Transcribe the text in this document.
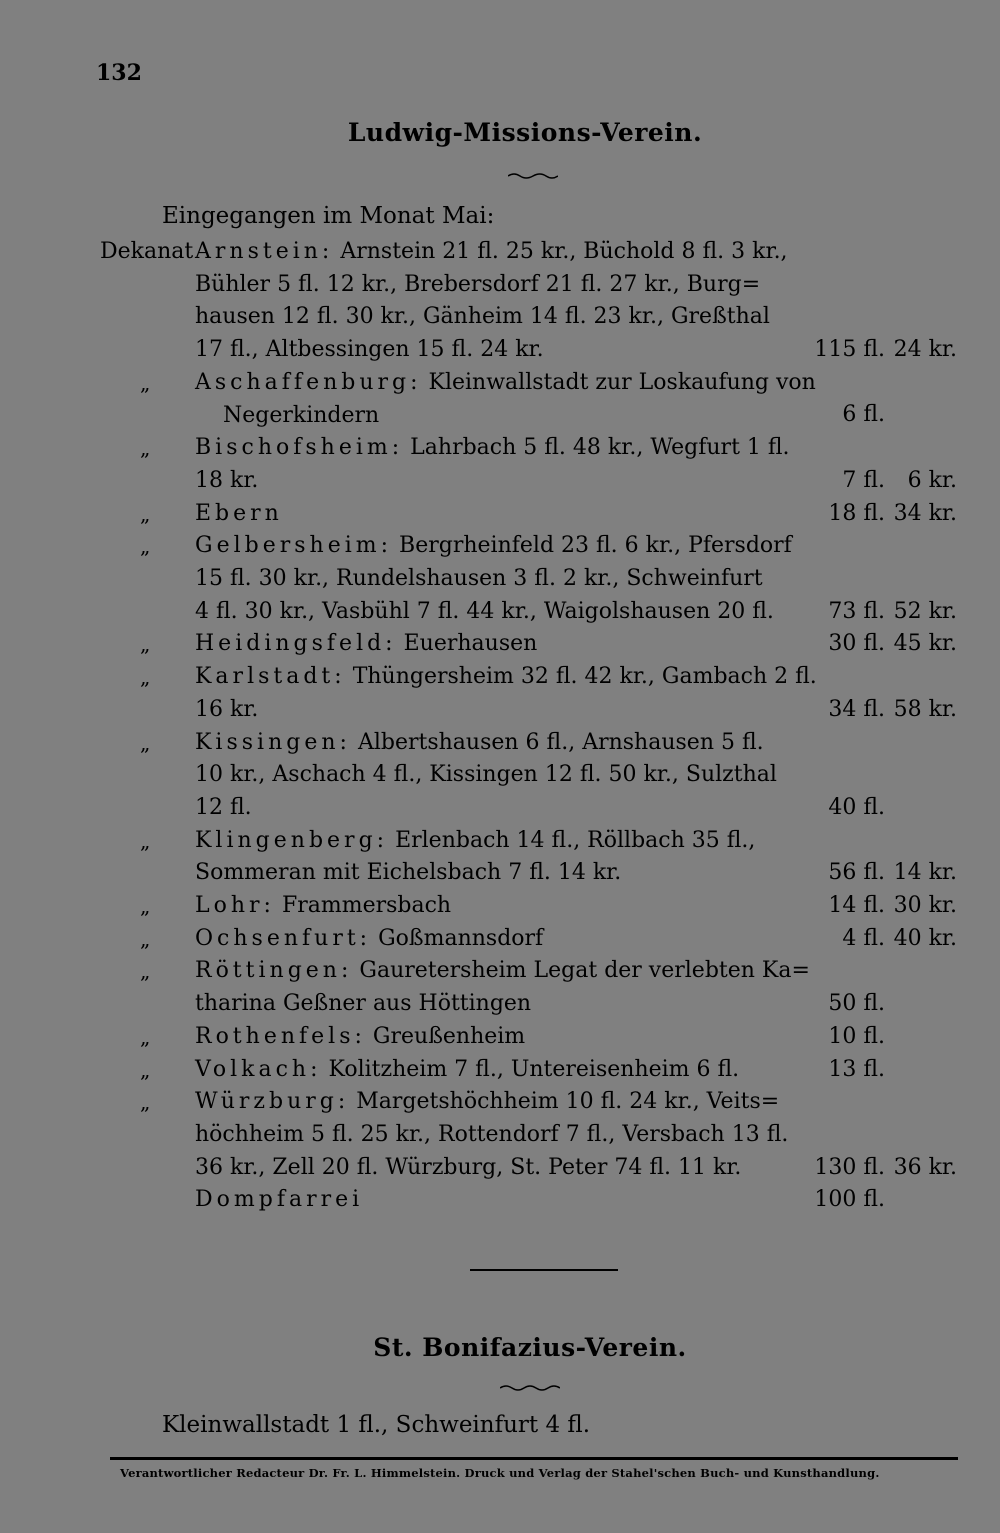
132
Ludwig-Missions-Verein.
Eingegangen im Monat Mai:
Dekanat Arnstein: Arnstein 21 fl. 25 kr., Büchold 8 fl. 3 kr.,
Bühler 5 fl. 12 kr., Brebersdorf 21 fl. 27 kr., Burg=
hausen 12 fl. 30 kr., Gänheim 14 fl. 23 kr., Greßthal
17 fl., Altbessingen 15 fl. 24 kr.	115 fl. 24 kr.
„ Aschaffenburg: Kleinwallstadt zur Loskaufung von
Negerkindern	6 fl.
„ Bischofsheim: Lahrbach 5 fl. 48 kr., Wegfurt 1 fl.
18 kr.	7 fl. 6 kr.
„ Ebern	18 fl. 34 kr.
„ Gelbersheim: Bergrheinfeld 23 fl. 6 kr., Pfersdorf
15 fl. 30 kr., Rundelshausen 3 fl. 2 kr., Schweinfurt
4 fl. 30 kr., Vasbühl 7 fl. 44 kr., Waigolshausen 20 fl.	73 fl. 52 kr.
„ Heidingsfeld: Euerhausen	30 fl. 45 kr.
„ Karlstadt: Thüngersheim 32 fl. 42 kr., Gambach 2 fl.
16 kr.	34 fl. 58 kr.
„ Kissingen: Albertshausen 6 fl., Arnshausen 5 fl.
10 kr., Aschach 4 fl., Kissingen 12 fl. 50 kr., Sulzthal
12 fl.	40 fl.
„ Klingenberg: Erlenbach 14 fl., Röllbach 35 fl.,
Sommeran mit Eichelsbach 7 fl. 14 kr.	56 fl. 14 kr.
„ Lohr: Frammersbach	14 fl. 30 kr.
„ Ochsenfurt: Goßmannsdorf	4 fl. 40 kr.
„ Röttingen: Gauretersheim Legat der verlebten Ka=
tharina Geßner aus Höttingen	50 fl.
„ Rothenfels: Greußenheim	10 fl.
„ Volkach: Kolitzheim 7 fl., Untereisenheim 6 fl.	13 fl.
„ Würzburg: Margetshöchheim 10 fl. 24 kr., Veits=
höchheim 5 fl. 25 kr., Rottendorf 7 fl., Versbach 13 fl.
36 kr., Zell 20 fl. Würzburg, St. Peter 74 fl. 11 kr.	130 fl. 36 kr.
Dompfarrei	100 fl.
St. Bonifazius-Verein.
Kleinwallstadt 1 fl., Schweinfurt 4 fl.
Verantwortlicher Redacteur Dr. Fr. L. Himmelstein. Druck und Verlag der Stahel'schen Buch- und Kunsthandlung.
